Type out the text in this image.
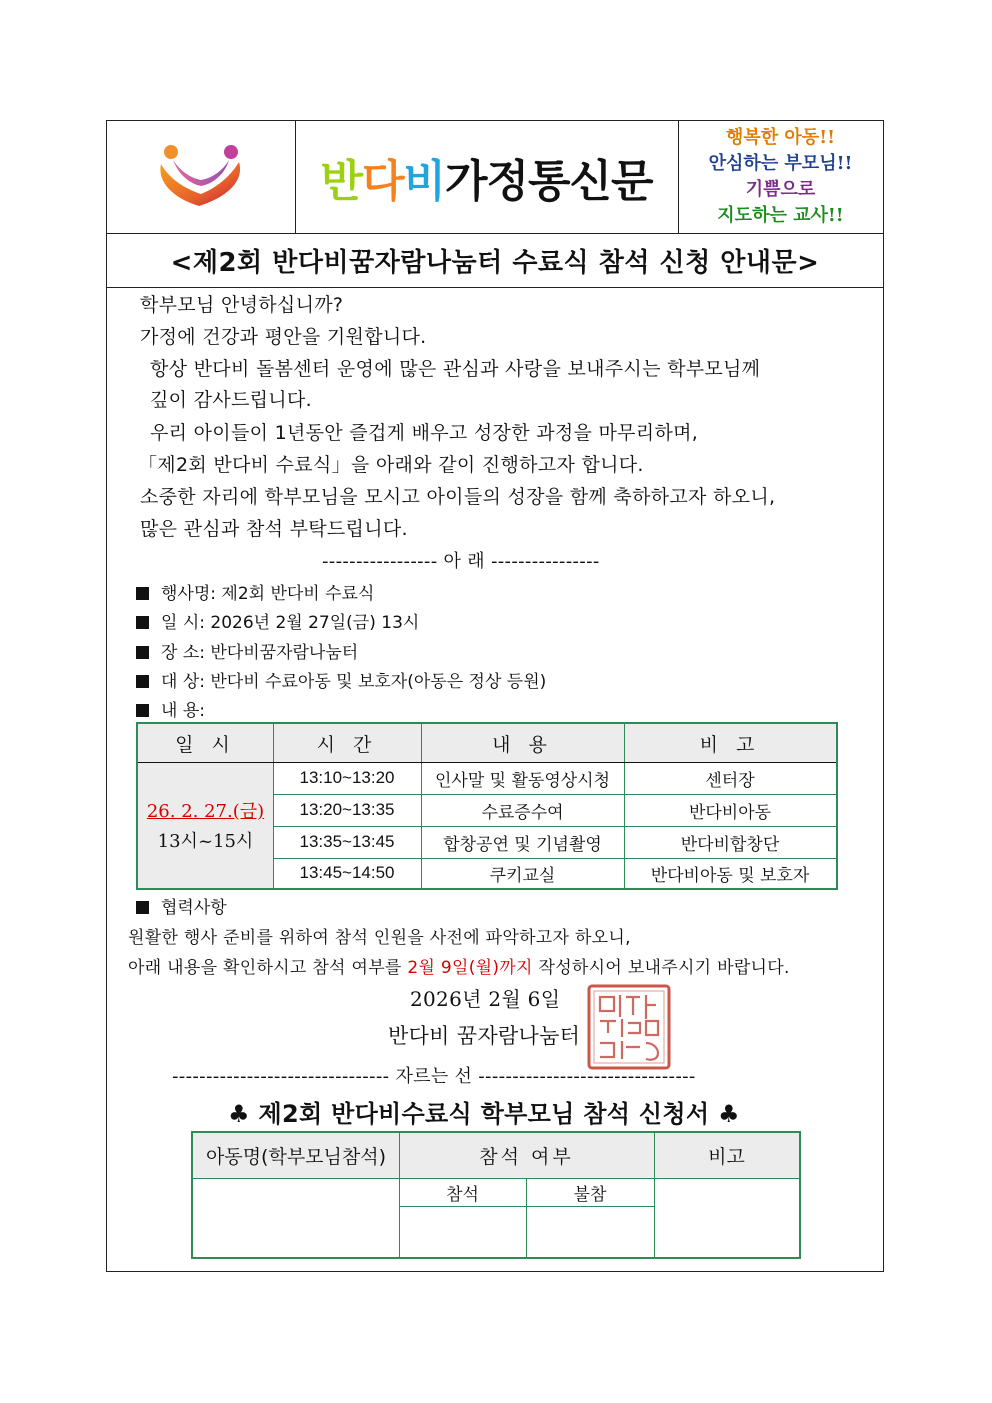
반 다 비 가정통신문
행복한 아동!!
안심하는 부모님!!
기쁨으로
지도하는 교사!!
<제2회 반다비꿈자람나눔터 수료식 참석 신청 안내문>
학부모님 안녕하십니까?
가정에 건강과 평안을 기원합니다.
항상 반다비 돌봄센터 운영에 많은 관심과 사랑을 보내주시는 학부모님께
깊이 감사드립니다.
우리 아이들이 1년동안 즐겁게 배우고 성장한 과정을 마무리하며,
「제2회 반다비 수료식」을 아래와 같이 진행하고자 합니다.
소중한 자리에 학부모님을 모시고 아이들의 성장을 함께 축하하고자 하오니,
많은 관심과 참석 부탁드립니다.
----------------- 아 래 ----------------
행사명: 제2회 반다비 수료식
일 시: 2026년 2월 27일(금) 13시
장 소: 반다비꿈자람나눔터
대 상: 반다비 수료아동 및 보호자(아동은 정상 등원)
내 용:
일 시	시 간	내 용	비 고
26. 2. 27.(금)
13시~15시
13:10~13:20	인사말 및 활동영상시청	센터장
13:20~13:35	수료증수여	반다비아동
13:35~13:45	합창공연 및 기념촬영	반다비합창단
13:45~14:50	쿠키교실	반다비아동 및 보호자
협력사항
원활한 행사 준비를 위하여 참석 인원을 사전에 파악하고자 하오니,
아래 내용을 확인하시고 참석 여부를 2월 9일(월)까지 작성하시어 보내주시기 바랍니다.
2026년 2월 6일
반다비 꿈자람나눔터
-------------------------------- 자르는 선 --------------------------------
♣ 제2회 반다비수료식 학부모님 참석 신청서 ♣
아동명(학부모님참석)	참석 여부	비고
참석	불참
